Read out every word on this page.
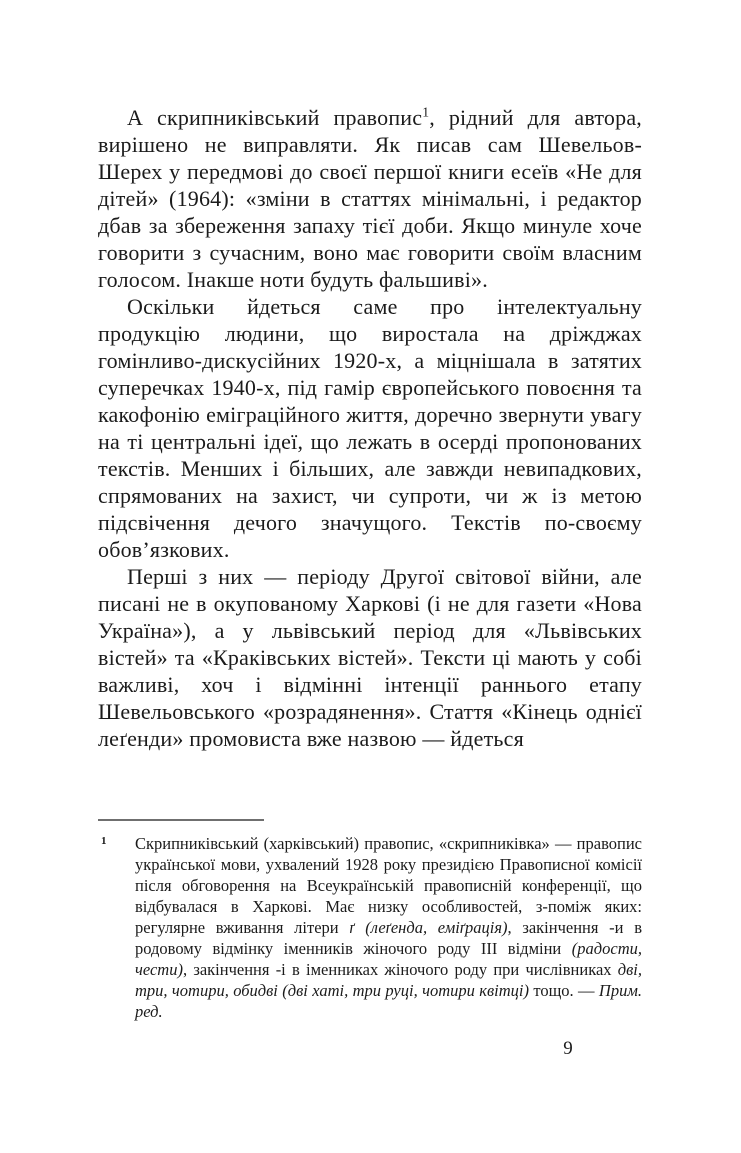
А скрипниківський правопис$^1$, рідний для автора, вирішено не виправляти. Як писав сам Шевельов-Шерех у передмові до своєї першої книги есеїв «Не для дітей» (1964): «зміни в статтях мінімальні, і редактор дбав за збереження запаху тієї доби. Якщо минуле хоче говорити з сучасним, воно має говорити своїм власним голосом. Інакше ноти будуть фальшиві».

Оскільки йдеться саме про інтелектуальну продукцію людини, що виростала на дріжджах гомінливо-дискусійних 1920-х, а міцнішала в затятих суперечках 1940-х, під гамір європейського повоєння та какофонію еміграційного життя, доречно звернути увагу на ті центральні ідеї, що лежать в осерді пропонованих текстів. Менших і більших, але завжди невипадкових, спрямованих на захист, чи супроти, чи ж із метою підсвічення дечого значущого. Текстів по-своєму обов’язкових.

Перші з них — періоду Другої світової війни, але писані не в окупованому Харкові (і не для газети «Нова Україна»), а у львівський період для «Львівських вістей» та «Краківських вістей». Тексти ці мають у собі важливі, хоч і відмінні інтенції раннього етапу Шевельовського «розрадянення». Стаття «Кінець однієї леґенди» промовиста вже назвою — йдеться

1 Скрипниківський (харківський) правопис, «скрипниківка» — правопис української мови, ухвалений 1928 року президією Правописної комісії після обговорення на Всеукраїнській правописній конференції, що відбувалася в Харкові. Має низку особливостей, з-поміж яких: регулярне вживання літери ґ (леґенда, еміґрація), закінчення -и в родовому відмінку іменників жіночого роду III відміни (радости, чести), закінчення -і в іменниках жіночого роду при числівниках дві, три, чотири, обидві (дві хаті, три руці, чотири квітці) тощо. — Прим. ред.
9
